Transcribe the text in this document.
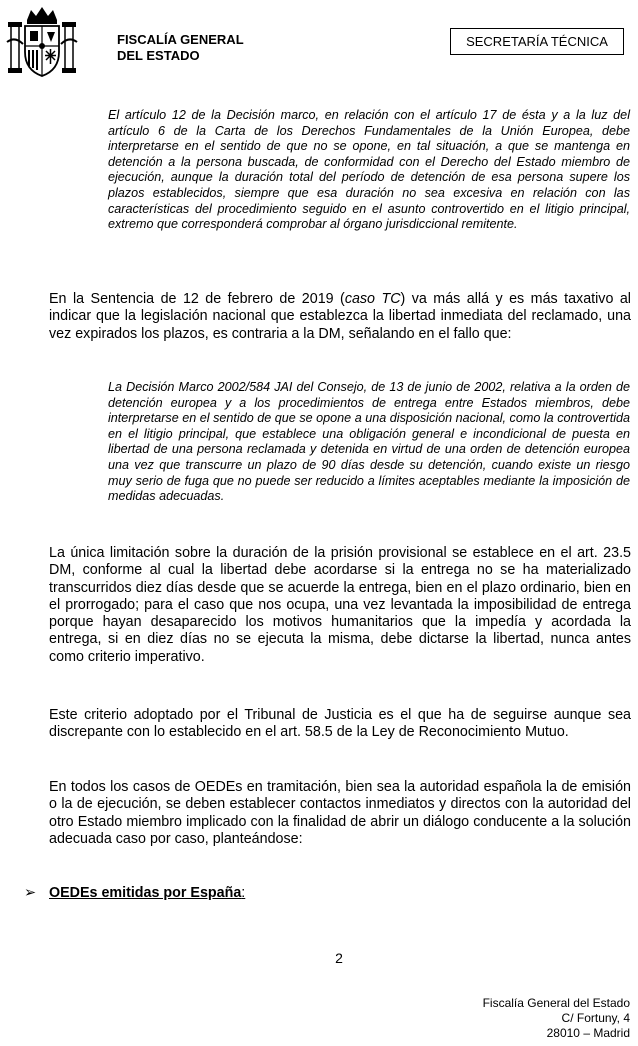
FISCALÍA GENERAL
DEL ESTADO
SECRETARÍA TÉCNICA

El artículo 12 de la Decisión marco, en relación con el artículo 17 de ésta y a la luz del artículo 6 de la Carta de los Derechos Fundamentales de la Unión Europea, debe interpretarse en el sentido de que no se opone, en tal situación, a que se mantenga en detención a la persona buscada, de conformidad con el Derecho del Estado miembro de ejecución, aunque la duración total del período de detención de esa persona supere los plazos establecidos, siempre que esa duración no sea excesiva en relación con las características del procedimiento seguido en el asunto controvertido en el litigio principal, extremo que corresponderá comprobar al órgano jurisdiccional remitente.

En la Sentencia de 12 de febrero de 2019 (caso TC) va más allá y es más taxativo al indicar que la legislación nacional que establezca la libertad inmediata del reclamado, una vez expirados los plazos, es contraria a la DM, señalando en el fallo que:

La Decisión Marco 2002/584 JAI del Consejo, de 13 de junio de 2002, relativa a la orden de detención europea y a los procedimientos de entrega entre Estados miembros, debe interpretarse en el sentido de que se opone a una disposición nacional, como la controvertida en el litigio principal, que establece una obligación general e incondicional de puesta en libertad de una persona reclamada y detenida en virtud de una orden de detención europea una vez que transcurre un plazo de 90 días desde su detención, cuando existe un riesgo muy serio de fuga que no puede ser reducido a límites aceptables mediante la imposición de medidas adecuadas.

La única limitación sobre la duración de la prisión provisional se establece en el art. 23.5 DM, conforme al cual la libertad debe acordarse si la entrega no se ha materializado transcurridos diez días desde que se acuerde la entrega, bien en el plazo ordinario, bien en el prorrogado; para el caso que nos ocupa, una vez levantada la imposibilidad de entrega porque hayan desaparecido los motivos humanitarios que la impedía y acordada la entrega, si en diez días no se ejecuta la misma, debe dictarse la libertad, nunca antes como criterio imperativo.

Este criterio adoptado por el Tribunal de Justicia es el que ha de seguirse aunque sea discrepante con lo establecido en el art. 58.5 de la Ley de Reconocimiento Mutuo.

En todos los casos de OEDEs en tramitación, bien sea la autoridad española la de emisión o la de ejecución, se deben establecer contactos inmediatos y directos con la autoridad del otro Estado miembro implicado con la finalidad de abrir un diálogo conducente a la solución adecuada caso por caso, planteándose:

➢ OEDEs emitidas por España:
2
Fiscalía General del Estado
C/ Fortuny, 4
28010 – Madrid
